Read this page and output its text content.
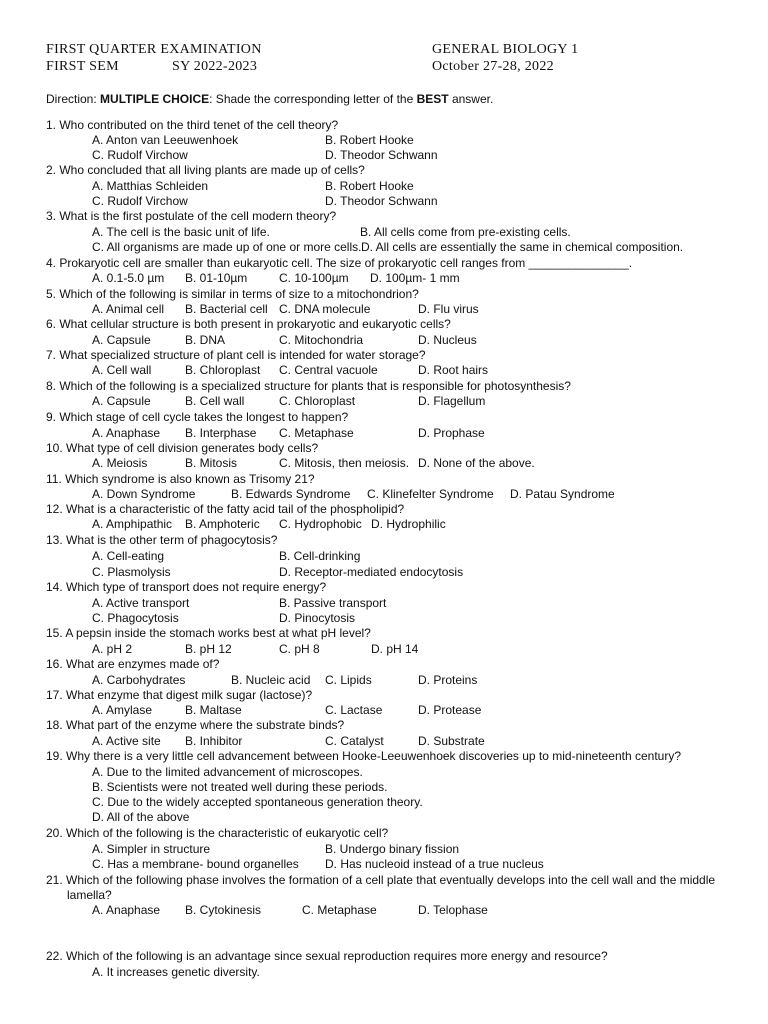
FIRST QUARTER EXAMINATION	GENERAL BIOLOGY 1
FIRST SEM	SY 2022-2023	October 27-28, 2022
Direction: MULTIPLE CHOICE: Shade the corresponding letter of the BEST answer.
1. Who contributed on the third tenet of the cell theory?
A. Anton van Leeuwenhoek	B. Robert Hooke
C. Rudolf Virchow	D. Theodor Schwann
2. Who concluded that all living plants are made up of cells?
A. Matthias Schleiden	B. Robert Hooke
C. Rudolf Virchow	D. Theodor Schwann
3. What is the first postulate of the cell modern theory?
A. The cell is the basic unit of life.	B. All cells come from pre-existing cells.
C. All organisms are made up of one or more cells. D. All cells are essentially the same in chemical composition.
4. Prokaryotic cell are smaller than eukaryotic cell. The size of prokaryotic cell ranges from _______________.
A. 0.1-5.0 µm B. 01-10µm	C. 10-100µm D. 100µm- 1 mm
5. Which of the following is similar in terms of size to a mitochondrion?
A. Animal cell B. Bacterial cell C. DNA molecule	D. Flu virus
6. What cellular structure is both present in prokaryotic and eukaryotic cells?
A. Capsule	B. DNA	C. Mitochondria	D. Nucleus
7. What specialized structure of plant cell is intended for water storage?
A. Cell wall	B. Chloroplast C. Central vacuole	D. Root hairs
8. Which of the following is a specialized structure for plants that is responsible for photosynthesis?
A. Capsule	B. Cell wall	C. Chloroplast	D. Flagellum
9. Which stage of cell cycle takes the longest to happen?
A. Anaphase B. Interphase C. Metaphase	D. Prophase
10. What type of cell division generates body cells?
A. Meiosis	B. Mitosis	C. Mitosis, then meiosis. D. None of the above.
11. Which syndrome is also known as Trisomy 21?
A. Down Syndrome	B. Edwards Syndrome C. Klinefelter Syndrome D. Patau Syndrome
12. What is a characteristic of the fatty acid tail of the phospholipid?
A. Amphipathic B. Amphoteric C. Hydrophobic D. Hydrophilic
13. What is the other term of phagocytosis?
A. Cell-eating	B. Cell-drinking
C. Plasmolysis	D. Receptor-mediated endocytosis
14. Which type of transport does not require energy?
A. Active transport	B. Passive transport
C. Phagocytosis	D. Pinocytosis
15. A pepsin inside the stomach works best at what pH level?
A. pH 2	B. pH 12	C. pH 8	D. pH 14
16. What are enzymes made of?
A. Carbohydrates	B. Nucleic acid C. Lipids	D. Proteins
17. What enzyme that digest milk sugar (lactose)?
A. Amylase	B. Maltase	C. Lactase	D. Protease
18. What part of the enzyme where the substrate binds?
A. Active site B. Inhibitor	C. Catalyst	D. Substrate
19. Why there is a very little cell advancement between Hooke-Leeuwenhoek discoveries up to mid-nineteenth century?
A. Due to the limited advancement of microscopes.
B. Scientists were not treated well during these periods.
C. Due to the widely accepted spontaneous generation theory.
D. All of the above
20. Which of the following is the characteristic of eukaryotic cell?
A. Simpler in structure	B. Undergo binary fission
C. Has a membrane- bound organelles D. Has nucleoid instead of a true nucleus
21. Which of the following phase involves the formation of a cell plate that eventually develops into the cell wall and the middle
lamella?
A. Anaphase B. Cytokinesis	C. Metaphase	D. Telophase
22. Which of the following is an advantage since sexual reproduction requires more energy and resource?
A. It increases genetic diversity.
